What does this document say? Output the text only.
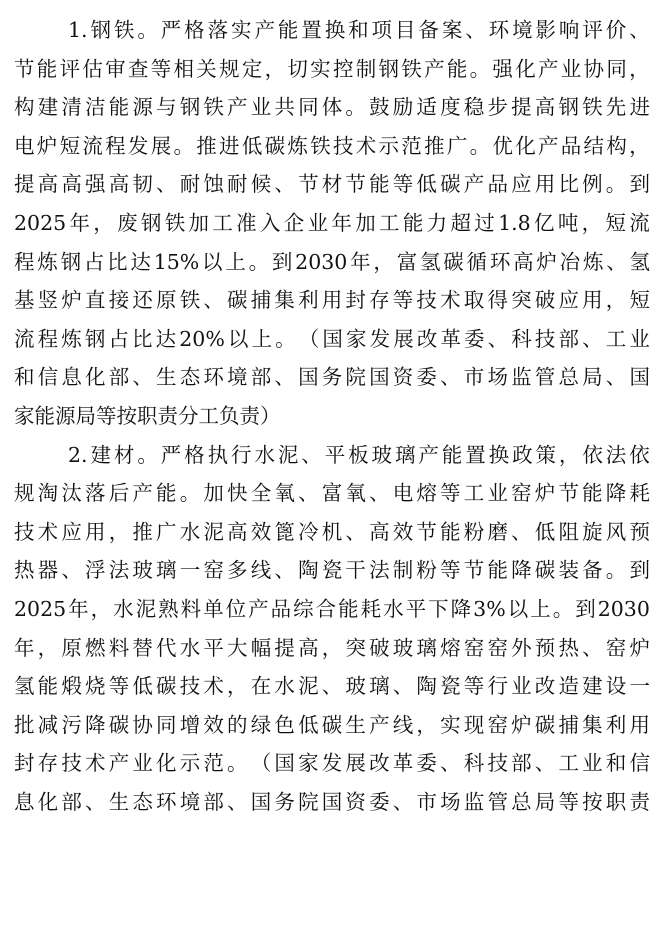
1. 钢 铁 。 严 格 落 实 产 能 置 换 和 项 目 备 案 、 环 境 影 响 评 价 、
节 能 评 估 审 查 等 相 关 规 定 ， 切 实 控 制 钢 铁 产 能 。 强 化 产 业 协 同 ，
构 建 清 洁 能 源 与 钢 铁 产 业 共 同 体 。 鼓 励 适 度 稳 步 提 高 钢 铁 先 进
电 炉 短 流 程 发 展 。 推 进 低 碳 炼 铁 技 术 示 范 推 广 。 优 化 产 品 结 构 ，
提 高 高 强 高 韧 、 耐 蚀 耐 候 、 节 材 节 能 等 低 碳 产 品 应 用 比 例 。 到
2025 年 ， 废 钢 铁 加 工 准 入 企 业 年 加 工 能 力 超 过 1.8 亿 吨 ， 短 流
程 炼 钢 占 比 达 15% 以 上 。 到 2030 年 ， 富 氢 碳 循 环 高 炉 冶 炼 、 氢
基 竖 炉 直 接 还 原 铁 、 碳 捕 集 利 用 封 存 等 技 术 取 得 突 破 应 用 ， 短
流 程 炼 钢 占 比 达 20% 以 上 。 （ 国 家 发 展 改 革 委 、 科 技 部 、 工 业
和 信 息 化 部 、 生 态 环 境 部 、 国 务 院 国 资 委 、 市 场 监 管 总 局 、 国
家 能 源 局 等 按 职 责 分 工 负 责 ）
2. 建 材 。 严 格 执 行 水 泥 、 平 板 玻 璃 产 能 置 换 政 策 ， 依 法 依
规 淘 汰 落 后 产 能 。 加 快 全 氧 、 富 氧 、 电 熔 等 工 业 窑 炉 节 能 降 耗
技 术 应 用 ， 推 广 水 泥 高 效 篦 冷 机 、 高 效 节 能 粉 磨 、 低 阻 旋 风 预
热 器 、 浮 法 玻 璃 一 窑 多 线 、 陶 瓷 干 法 制 粉 等 节 能 降 碳 装 备 。 到
2025 年 ， 水 泥 熟 料 单 位 产 品 综 合 能 耗 水 平 下 降 3% 以 上 。 到 2030
年 ， 原 燃 料 替 代 水 平 大 幅 提 高 ， 突 破 玻 璃 熔 窑 窑 外 预 热 、 窑 炉
氢 能 煅 烧 等 低 碳 技 术 ， 在 水 泥 、 玻 璃 、 陶 瓷 等 行 业 改 造 建 设 一
批 减 污 降 碳 协 同 增 效 的 绿 色 低 碳 生 产 线 ， 实 现 窑 炉 碳 捕 集 利 用
封 存 技 术 产 业 化 示 范 。 （ 国 家 发 展 改 革 委 、 科 技 部 、 工 业 和 信
息 化 部 、 生 态 环 境 部 、 国 务 院 国 资 委 、 市 场 监 管 总 局 等 按 职 责
